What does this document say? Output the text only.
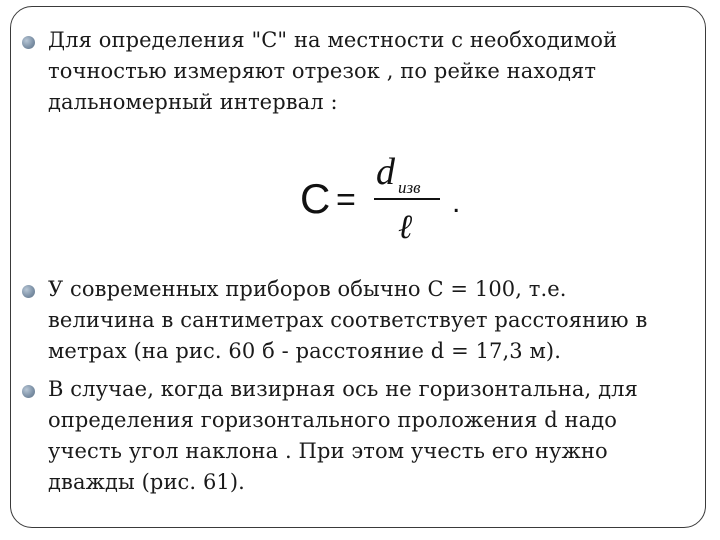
Для определения "С" на местности с необходимой
точностью измеряют отрезок , по рейке находят
дальномерный интервал :

C =
d изв
ℓ
.

У современных приборов обычно С = 100, т.е.
величина в сантиметрах соответствует расстоянию в
метрах (на рис. 60 б - расстояние d = 17,3 м).

В случае, когда визирная ось не горизонтальна, для
определения горизонтального проложения d надо
учесть угол наклона . При этом учесть его нужно
дважды (рис. 61).
